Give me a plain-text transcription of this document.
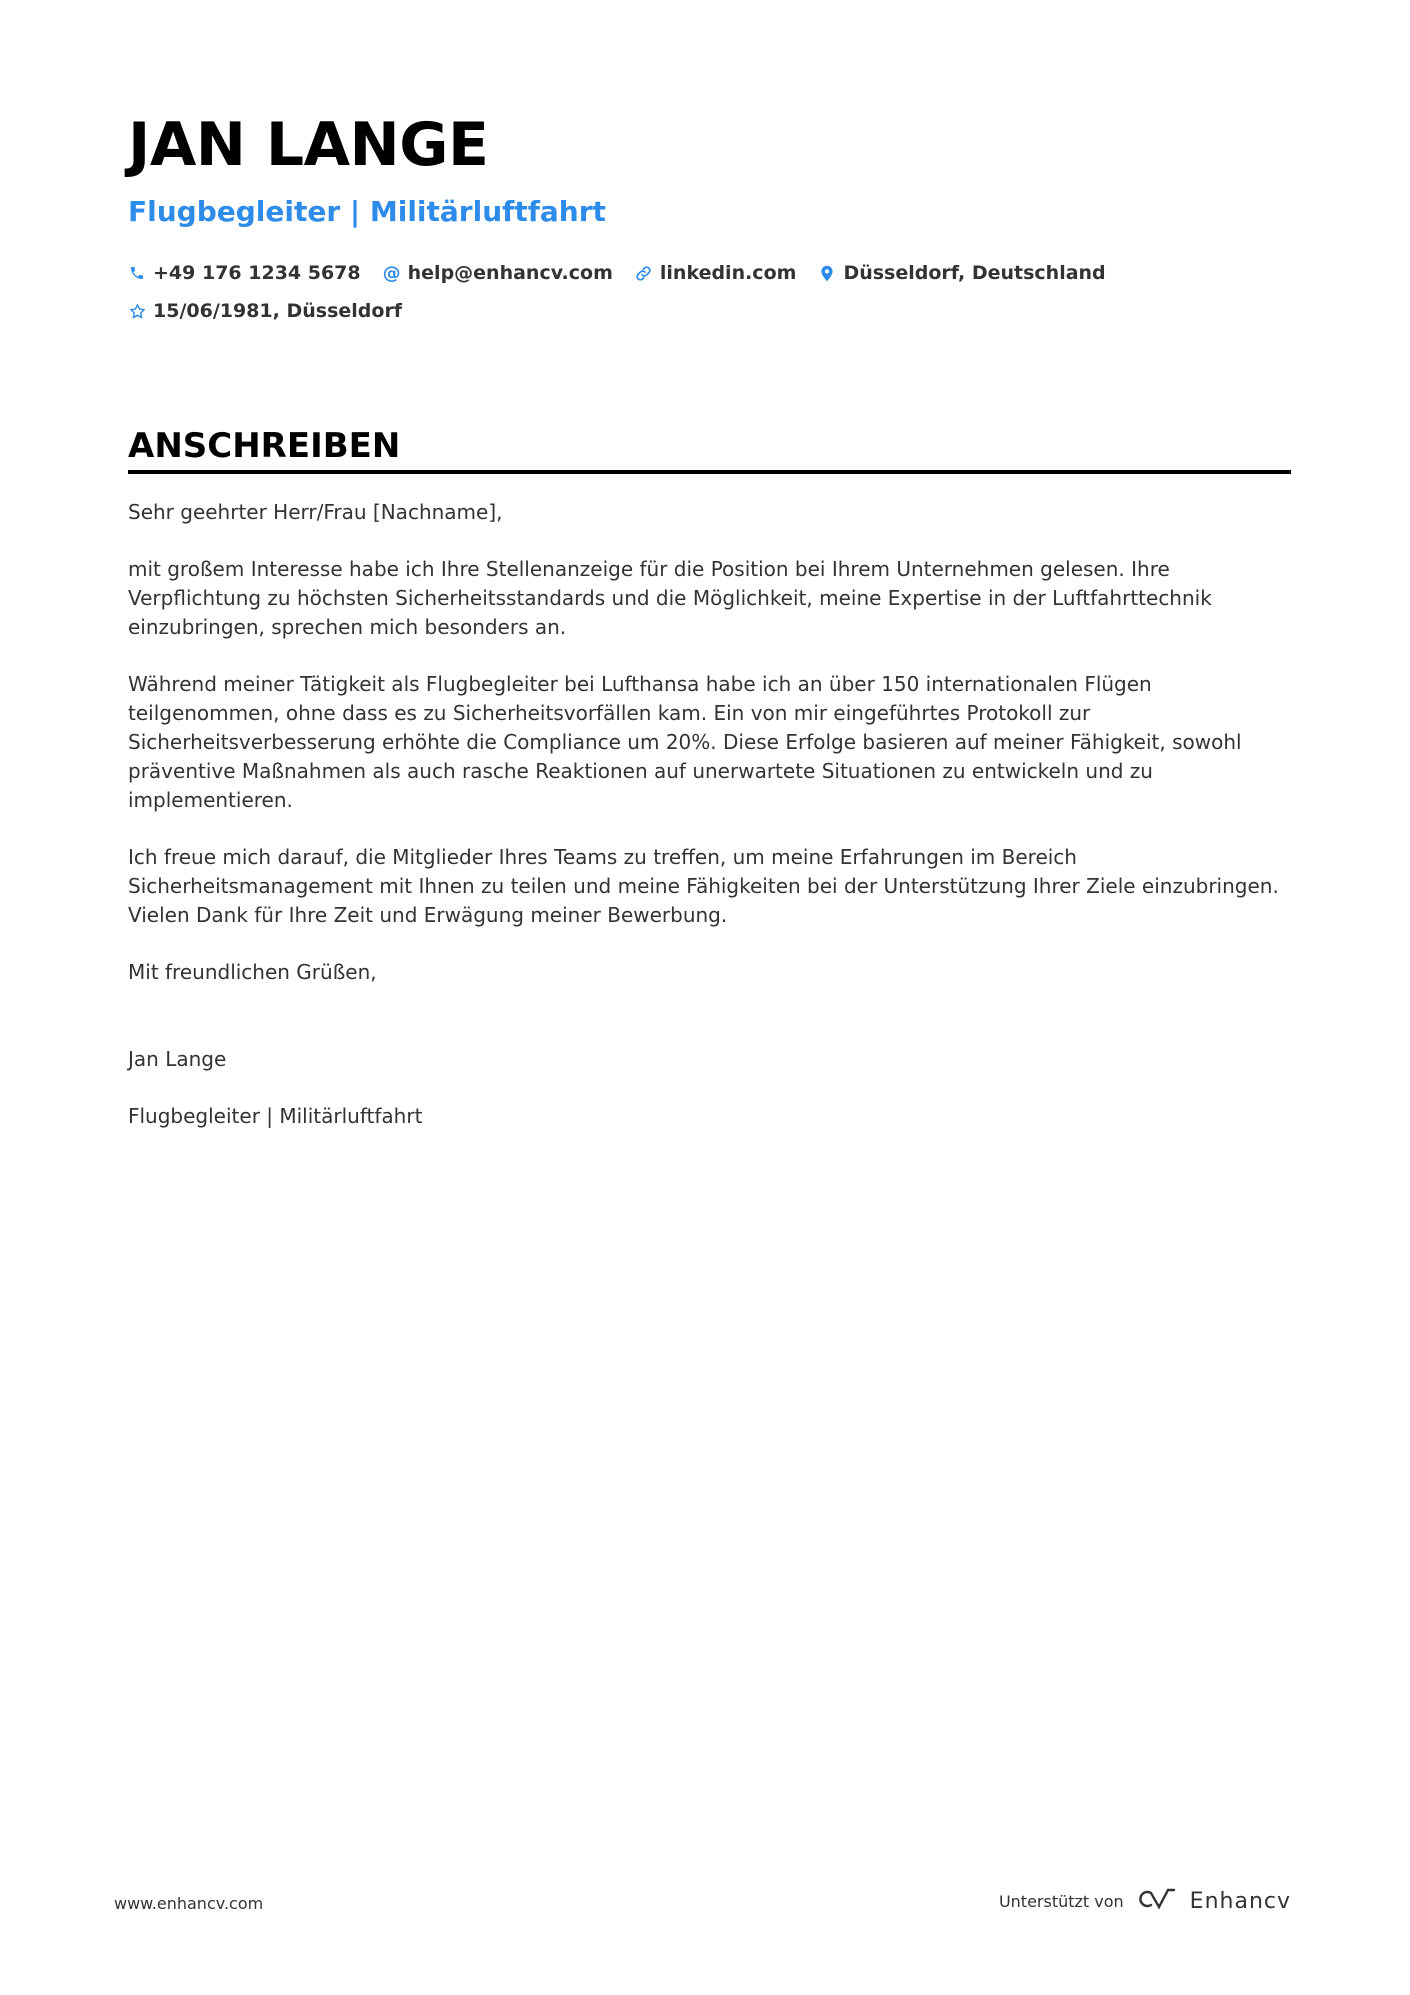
JAN LANGE
Flugbegleiter | Militärluftfahrt
+49 176 1234 5678 @ help@enhancv.com linkedin.com Düsseldorf, Deutschland
15/06/1981, Düsseldorf
ANSCHREIBEN

Sehr geehrter Herr/Frau [Nachname],

mit großem Interesse habe ich Ihre Stellenanzeige für die Position bei Ihrem Unternehmen gelesen. Ihre Verpflichtung zu höchsten Sicherheitsstandards und die Möglichkeit, meine Expertise in der Luftfahrttechnik einzubringen, sprechen mich besonders an.

Während meiner Tätigkeit als Flugbegleiter bei Lufthansa habe ich an über 150 internationalen Flügen teilgenommen, ohne dass es zu Sicherheitsvorfällen kam. Ein von mir eingeführtes Protokoll zur Sicherheitsverbesserung erhöhte die Compliance um 20%. Diese Erfolge basieren auf meiner Fähigkeit, sowohl präventive Maßnahmen als auch rasche Reaktionen auf unerwartete Situationen zu entwickeln und zu implementieren.

Ich freue mich darauf, die Mitglieder Ihres Teams zu treffen, um meine Erfahrungen im Bereich Sicherheitsmanagement mit Ihnen zu teilen und meine Fähigkeiten bei der Unterstützung Ihrer Ziele einzubringen. Vielen Dank für Ihre Zeit und Erwägung meiner Bewerbung.

Mit freundlichen Grüßen,

Jan Lange

Flugbegleiter | Militärluftfahrt

www.enhancv.com	Unterstützt von	Enhancv
